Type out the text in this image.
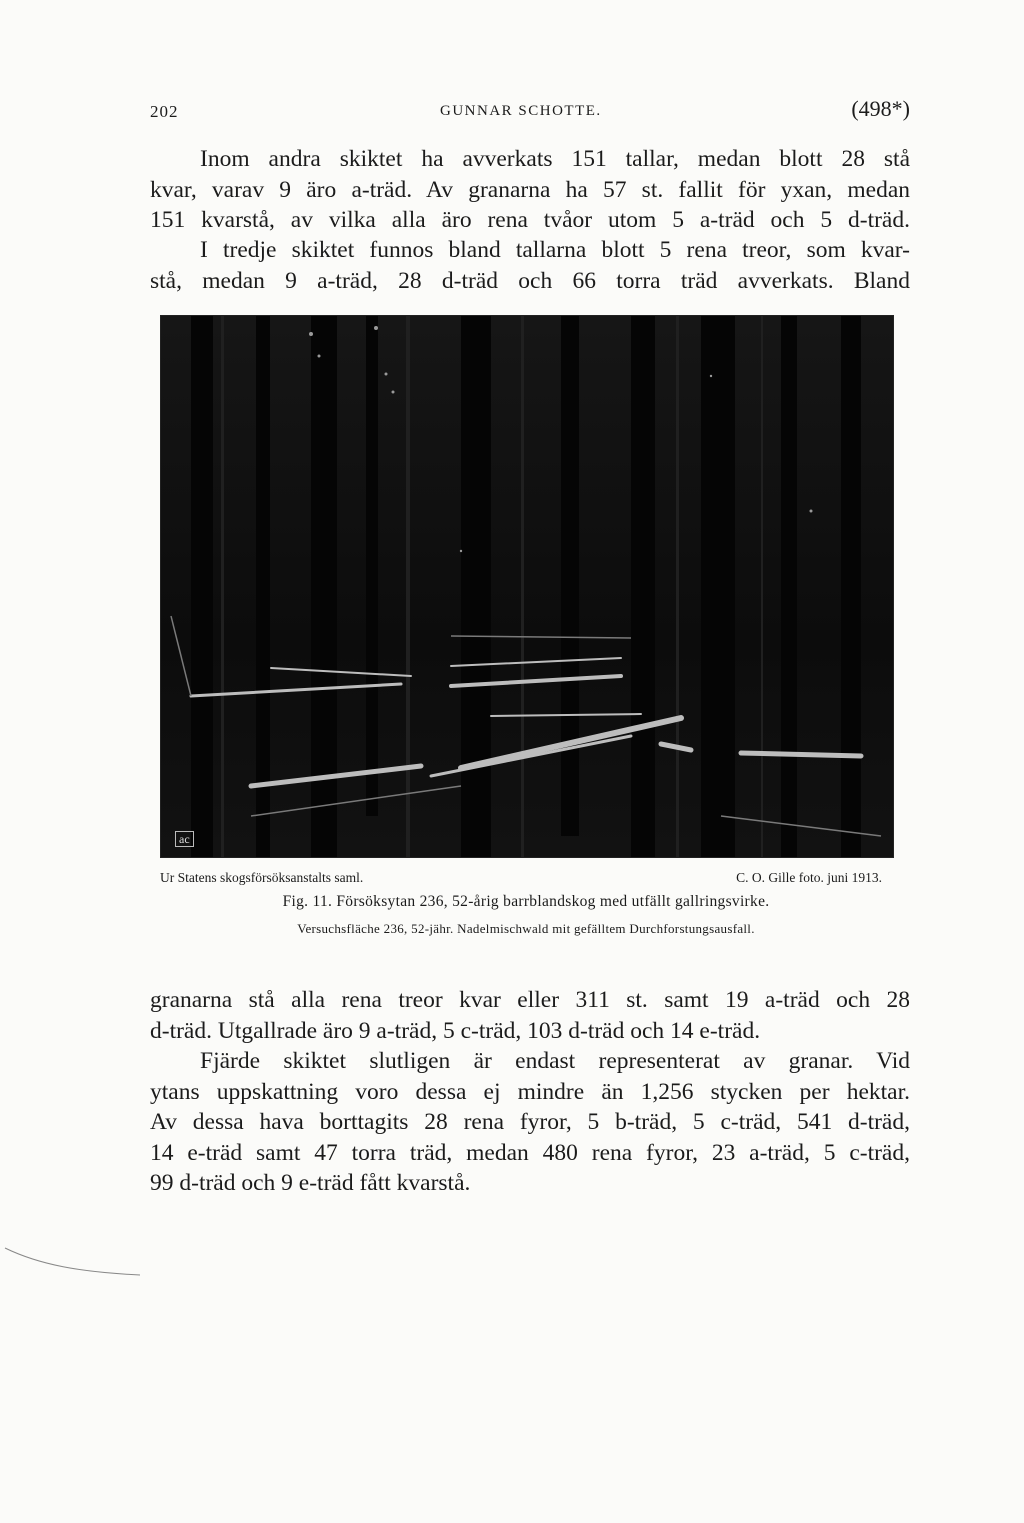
202	GUNNAR SCHOTTE.	(498*)

Inom andra skiktet ha avverkats 151 tallar, medan blott 28 stå
kvar, varav 9 äro a-träd. Av granarna ha 57 st. fallit för yxan, medan
151 kvarstå, av vilka alla äro rena tvåor utom 5 a-träd och 5 d-träd.

I tredje skiktet funnos bland tallarna blott 5 rena treor, som kvar-
stå, medan 9 a-träd, 28 d-träd och 66 torra träd avverkats. Bland

ac
Ur Statens skogsförsöksanstalts saml.	C. O. Gille foto. juni 1913.
Fig. 11. Försöksytan 236, 52-årig barrblandskog med utfällt gallringsvirke.
Versuchsfläche 236, 52-jähr. Nadelmischwald mit gefälltem Durchforstungsausfall.

granarna stå alla rena treor kvar eller 311 st. samt 19 a-träd och 28
d-träd. Utgallrade äro 9 a-träd, 5 c-träd, 103 d-träd och 14 e-träd.

Fjärde skiktet slutligen är endast representerat av granar. Vid
ytans uppskattning voro dessa ej mindre än 1,256 stycken per hektar.
Av dessa hava borttagits 28 rena fyror, 5 b-träd, 5 c-träd, 541 d-träd,
14 e-träd samt 47 torra träd, medan 480 rena fyror, 23 a-träd, 5 c-träd,
99 d-träd och 9 e-träd fått kvarstå.
